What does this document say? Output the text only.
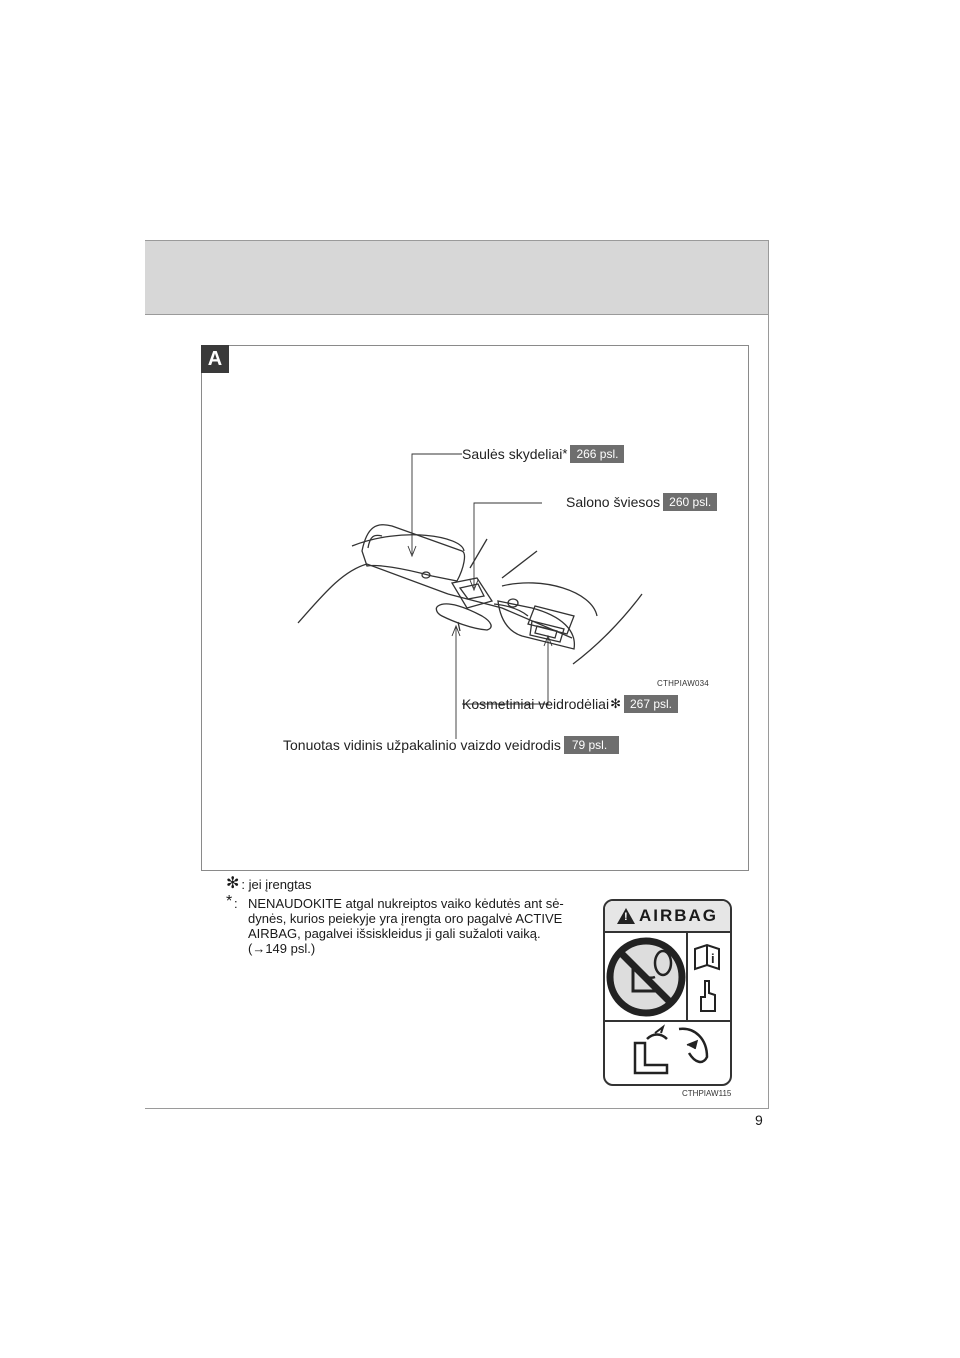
9
A
Saulės skydeliai * 266 psl.
Salono šviesos 260 psl.
CTHPIAW034
Kosmetiniai veidrodėliai ✻ 267 psl.
Tonuotas vidinis užpakalinio vaizdo veidrodis 79 psl.
✻ : jei įrengtas
* : NENAUDOKITE atgal nukreiptos vaiko kėdutės ant sė-dynės, kurios peiekyje yra įrengta oro pagalvė ACTIVE AIRBAG, pagalvei išsiskleidus ji gali sužaloti vaiką. (→149 psl.)
! AIRBAG
i
CTHPIAW115
